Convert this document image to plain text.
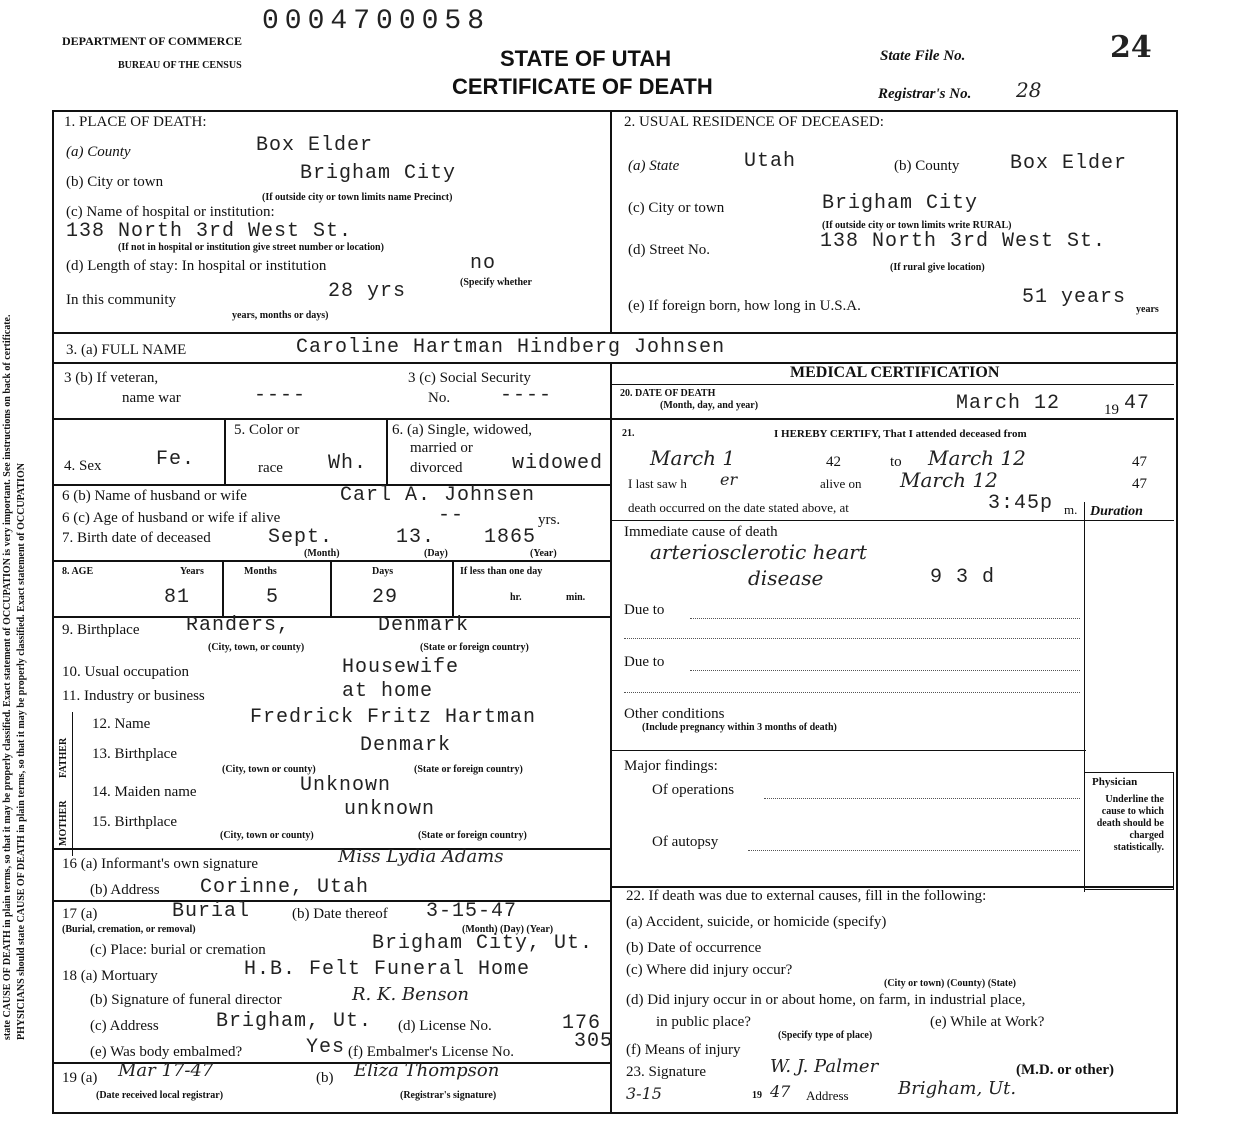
0004700058
DEPARTMENT OF COMMERCE
BUREAU OF THE CENSUS	STATE OF UTAH
CERTIFICATE OF DEATH
State File No.	24
Registrar's No. 28
state CAUSE OF DEATH in plain terms, so that it may be properly classified. Exact statement of OCCUPATION is very important. See instructions on back of certificate. PHYSICIANS should state CAUSE OF DEATH in plain terms, so that it may be properly classified. Exact statement of OCCUPATION
1. PLACE OF DEATH:
(a) County	Box Elder
(b) City or town	Brigham City
(If outside city or town limits name Precinct)
(c) Name of hospital or institution:
138 North 3rd West St.
(If not in hospital or institution give street number or location)
(d) Length of stay: In hospital or institution	no
(Specify whether
In this community	28 yrs
years, months or days)
2. USUAL RESIDENCE OF DECEASED:
(a) State	Utah	(b) County	Box Elder
(c) City or town	Brigham City
(If outside city or town limits write RURAL)
(d) Street No.	138 North 3rd West St.
(If rural give location)
(e) If foreign born, how long in U.S.A.	51 years
years
3. (a) FULL NAME	Caroline Hartman Hindberg Johnsen
3 (b) If veteran,
name war	----
3 (c) Social Security
No. ----
4. Sex	Fe.
5. Color or
race Wh.
6. (a) Single, widowed,
married or
divorced widowed
6 (b) Name of husband or wife	Carl A. Johnsen
6 (c) Age of husband or wife if alive	--	yrs.
7. Birth date of deceased	Sept.	13. 1865
(Month)	(Day)	(Year)
8. AGE	Years	Months	Days	If less than one day
81	5	29	hr.	min.
9. Birthplace Randers,	Denmark
(City, town, or county)	(State or foreign country)
10. Usual occupation	Housewife
11. Industry or business	at home
FATHER
MOTHER
12. Name	Fredrick Fritz Hartman
13. Birthplace	Denmark
(City, town or county)	(State or foreign country)
14. Maiden name	Unknown
15. Birthplace
unknown
(City, town or county)	(State or foreign country)
16 (a) Informant's own signature	Miss Lydia Adams
(b) Address Corinne, Utah
17 (a)	Burial
(Burial, cremation, or removal)
(b) Date thereof 3-15-47
(Month) (Day) (Year)
(c) Place: burial or cremation	Brigham City, Ut.
18 (a) Mortuary	H.B. Felt Funeral Home
(b) Signature of funeral director	R. K. Benson
(c) Address	Brigham, Ut. (d) License No.	176
(e) Was body embalmed?	Yes (f) Embalmer's License No.	305
19 (a) Mar 17-47
(Date received local registrar)
(b) Eliza Thompson
(Registrar's signature)
MEDICAL CERTIFICATION
20. DATE OF DEATH
(Month, day, and year)	March 12	19 47
21.	I HEREBY CERTIFY, That I attended deceased from
March 1	42	to March 12	47
I last saw h er	alive on March 12	47
death occurred on the date stated above, at	3:45p m. Duration
Immediate cause of death
arteriosclerotic heart
disease	9 3 d
Due to
Due to
Other conditions
(Include pregnancy within 3 months of death)
Major findings:
Of operations
Of autopsy
Physician
Underline the cause to which death should be charged statistically.
22. If death was due to external causes, fill in the following:
(a) Accident, suicide, or homicide (specify)
(b) Date of occurrence
(c) Where did injury occur?
(City or town) (County) (State)
(d) Did injury occur in or about home, on farm, in industrial place,
in public place?	(e) While at Work?
(Specify type of place)
(f) Means of injury
23. Signature	W. J. Palmer	(M.D. or other)
3-15	19 47 Address	Brigham, Ut.
